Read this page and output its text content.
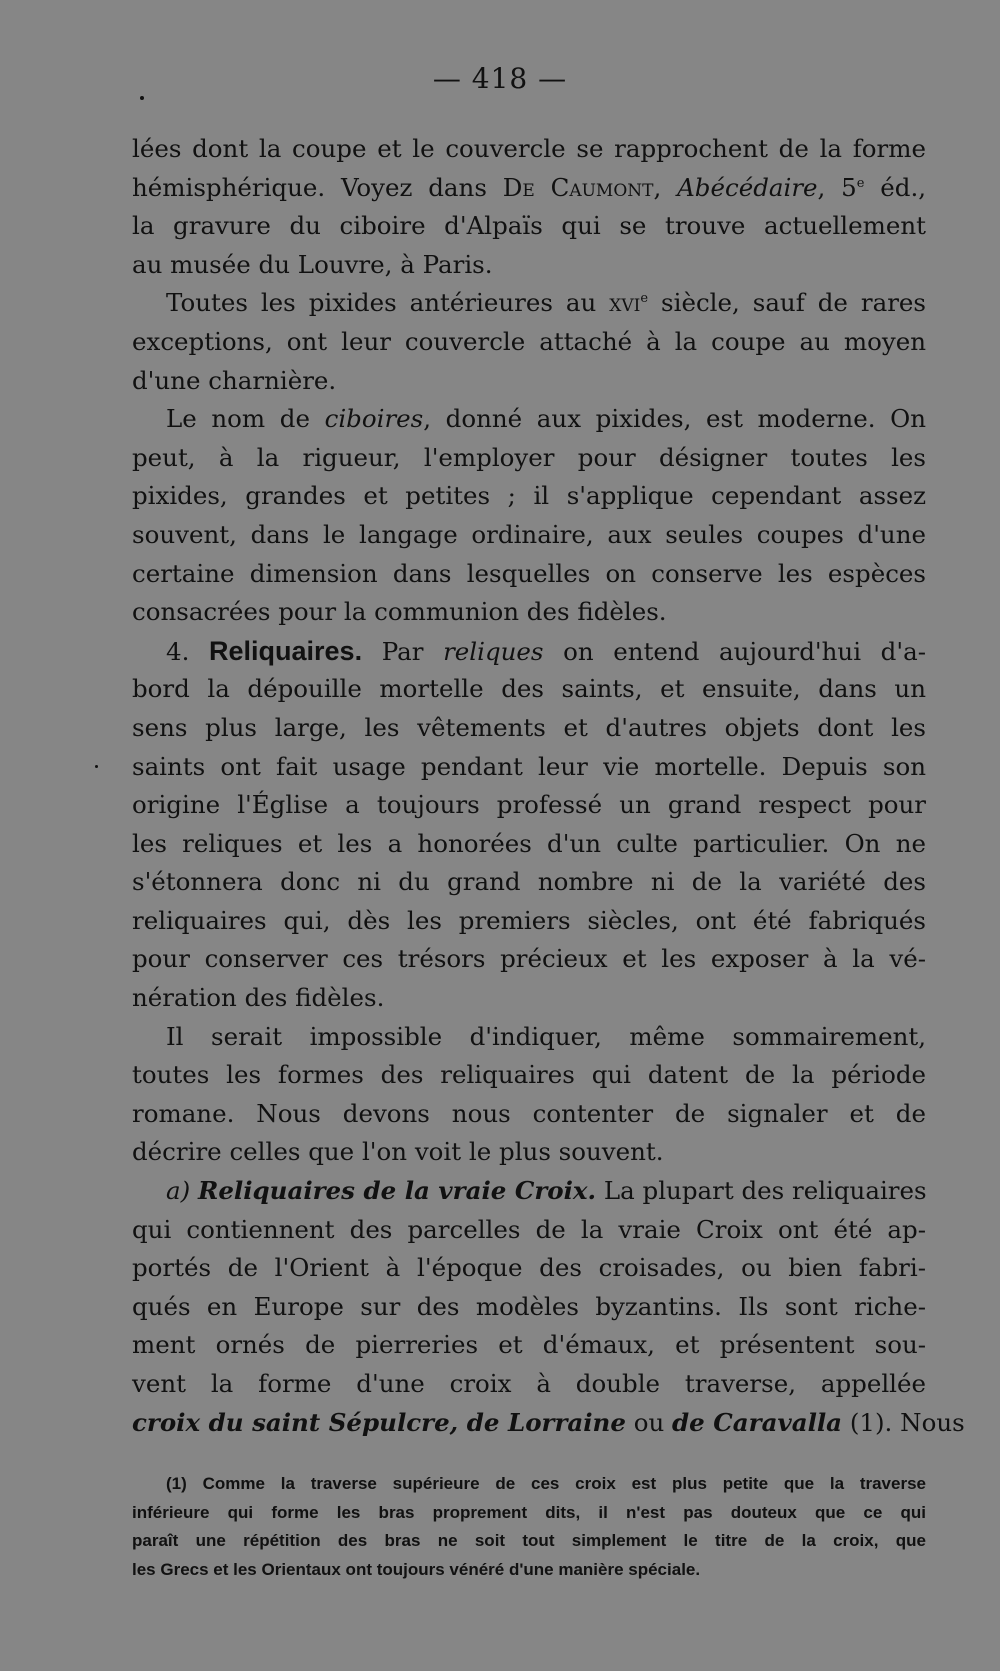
— 418 —
lées dont la coupe et le couvercle se rapprochent de la forme
hémisphérique. Voyez dans De Caumont, Abécédaire, 5e éd.,
la gravure du ciboire d'Alpaïs qui se trouve actuellement
au musée du Louvre, à Paris.
Toutes les pixides antérieures au xvi$^e$ siècle, sauf de rares
exceptions, ont leur couvercle attaché à la coupe au moyen
d'une charnière.
Le nom de ciboires, donné aux pixides, est moderne. On
peut, à la rigueur, l'employer pour désigner toutes les
pixides, grandes et petites ; il s'applique cependant assez
souvent, dans le langage ordinaire, aux seules coupes d'une
certaine dimension dans lesquelles on conserve les espèces
consacrées pour la communion des fidèles.
4. Reliquaires. Par reliques on entend aujourd'hui d'a-
bord la dépouille mortelle des saints, et ensuite, dans un
sens plus large, les vêtements et d'autres objets dont les
saints ont fait usage pendant leur vie mortelle. Depuis son
origine l'Église a toujours professé un grand respect pour
les reliques et les a honorées d'un culte particulier. On ne
s'étonnera donc ni du grand nombre ni de la variété des
reliquaires qui, dès les premiers siècles, ont été fabriqués
pour conserver ces trésors précieux et les exposer à la vé-
nération des fidèles.
Il serait impossible d'indiquer, même sommairement,
toutes les formes des reliquaires qui datent de la période
romane. Nous devons nous contenter de signaler et de
décrire celles que l'on voit le plus souvent.
a) Reliquaires de la vraie Croix. La plupart des reliquaires
qui contiennent des parcelles de la vraie Croix ont été ap-
portés de l'Orient à l'époque des croisades, ou bien fabri-
qués en Europe sur des modèles byzantins. Ils sont riche-
ment ornés de pierreries et d'émaux, et présentent sou-
vent la forme d'une croix à double traverse, appellée
croix du saint Sépulcre, de Lorraine ou de Caravalla (1). Nous
(1) Comme la traverse supérieure de ces croix est plus petite que la traverse
inférieure qui forme les bras proprement dits, il n'est pas douteux que ce qui
paraît une répétition des bras ne soit tout simplement le titre de la croix, que
les Grecs et les Orientaux ont toujours vénéré d'une manière spéciale.
